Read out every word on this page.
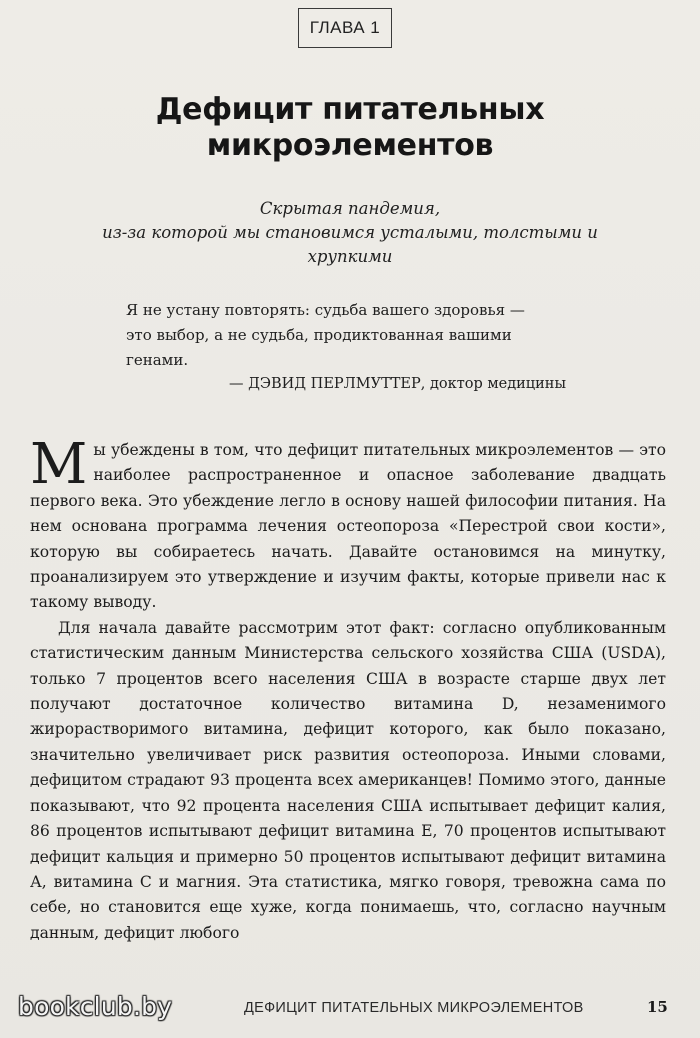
ГЛАВА 1
Дефицит питательных
микроэлементов
Скрытая пандемия,
из-за которой мы становимся усталыми, толстыми и хрупкими
Я не устану повторять: судьба вашего здоровья —
это выбор, а не судьба, продиктованная вашими
генами.
— ДЭВИД ПЕРЛМУТТЕР, доктор медицины

Мы убеждены в том, что дефицит питательных микроэлементов — это наиболее распространенное и опасное заболевание двадцать первого века. Это убеждение легло в основу нашей философии питания. На нем основана программа лечения остеопороза «Перестрой свои кости», которую вы собираетесь начать. Давайте остановимся на минутку, проанализируем это утверждение и изучим факты, которые привели нас к такому выводу.

Для начала давайте рассмотрим этот факт: согласно опубликованным статистическим данным Министерства сельского хозяйства США (USDA), только 7 процентов всего населения США в возрасте старше двух лет получают достаточное количество витамина D, незаменимого жирорастворимого витамина, дефицит которого, как было показано, значительно увеличивает риск развития остеопороза. Иными словами, дефицитом страдают 93 процента всех американцев! Помимо этого, данные показывают, что 92 процента населения США испытывает дефицит калия, 86 процентов испытывают дефицит витамина Е, 70 процентов испытывают дефицит кальция и примерно 50 процентов испытывают дефицит витамина А, витамина С и магния. Эта статистика, мягко говоря, тревожна сама по себе, но становится еще хуже, когда понимаешь, что, согласно научным данным, дефицит любого

bookclub.by	ДЕФИЦИТ ПИТАТЕЛЬНЫХ МИКРОЭЛЕМЕНТОВ	15
